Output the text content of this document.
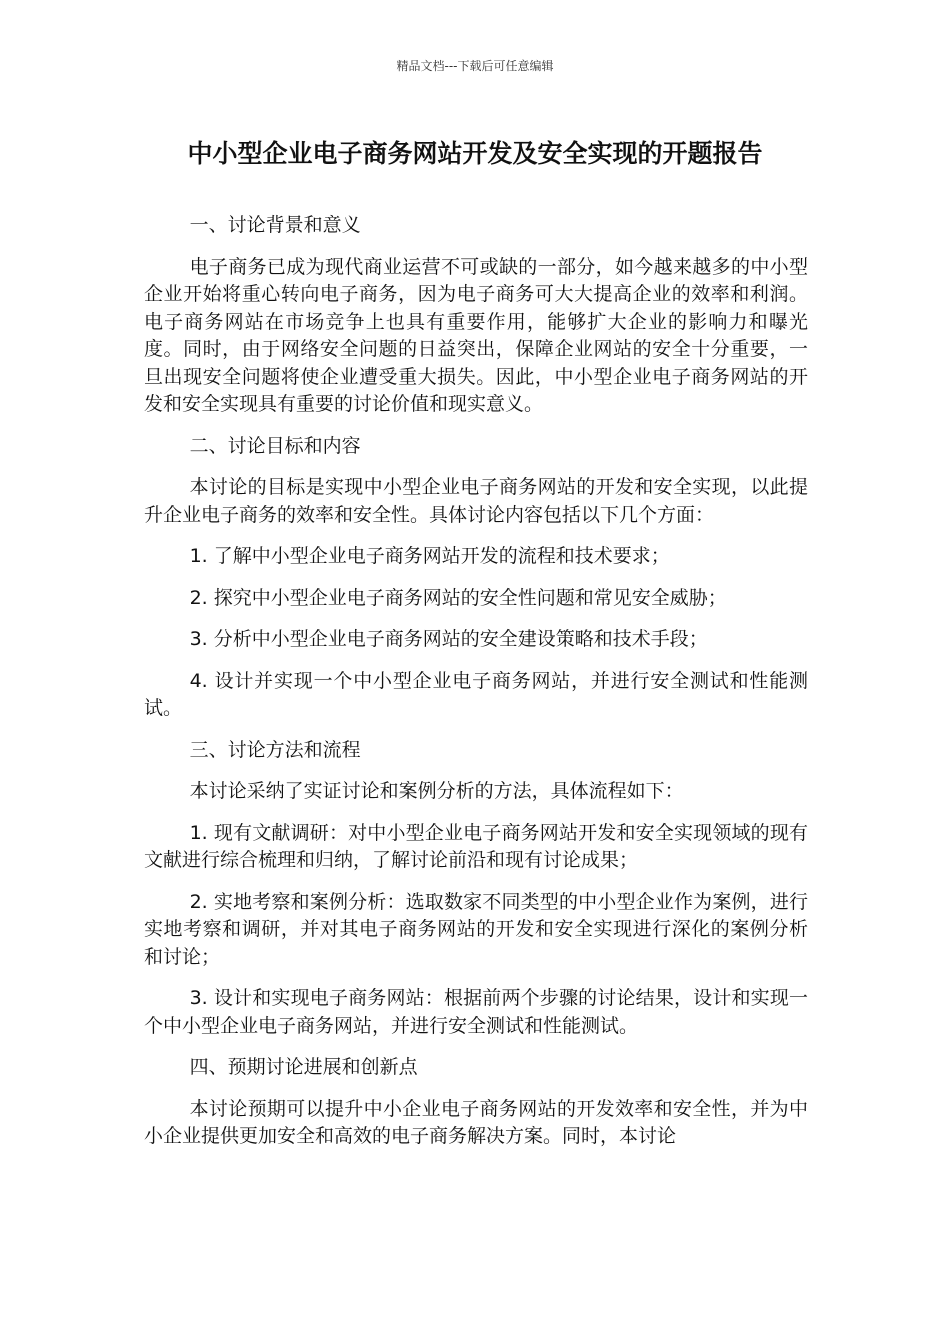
精品文档---下载后可任意编辑
中小型企业电子商务网站开发及安全实现的开题报告

一、讨论背景和意义

电子商务已成为现代商业运营不可或缺的一部分，如今越来越多的中小型企业开始将重心转向电子商务，因为电子商务可大大提高企业的效率和利润。电子商务网站在市场竞争上也具有重要作用，能够扩大企业的影响力和曝光度。同时，由于网络安全问题的日益突出，保障企业网站的安全十分重要，一旦出现安全问题将使企业遭受重大损失。因此，中小型企业电子商务网站的开发和安全实现具有重要的讨论价值和现实意义。

二、讨论目标和内容

本讨论的目标是实现中小型企业电子商务网站的开发和安全实现，以此提升企业电子商务的效率和安全性。具体讨论内容包括以下几个方面：

1. 了解中小型企业电子商务网站开发的流程和技术要求；

2. 探究中小型企业电子商务网站的安全性问题和常见安全威胁；

3. 分析中小型企业电子商务网站的安全建设策略和技术手段；

4. 设计并实现一个中小型企业电子商务网站，并进行安全测试和性能测试。

三、讨论方法和流程

本讨论采纳了实证讨论和案例分析的方法，具体流程如下：

1. 现有文献调研：对中小型企业电子商务网站开发和安全实现领域的现有文献进行综合梳理和归纳，了解讨论前沿和现有讨论成果；

2. 实地考察和案例分析：选取数家不同类型的中小型企业作为案例，进行实地考察和调研，并对其电子商务网站的开发和安全实现进行深化的案例分析和讨论；

3. 设计和实现电子商务网站：根据前两个步骤的讨论结果，设计和实现一个中小型企业电子商务网站，并进行安全测试和性能测试。

四、预期讨论进展和创新点

本讨论预期可以提升中小企业电子商务网站的开发效率和安全性，并为中小企业提供更加安全和高效的电子商务解决方案。同时，本讨论
